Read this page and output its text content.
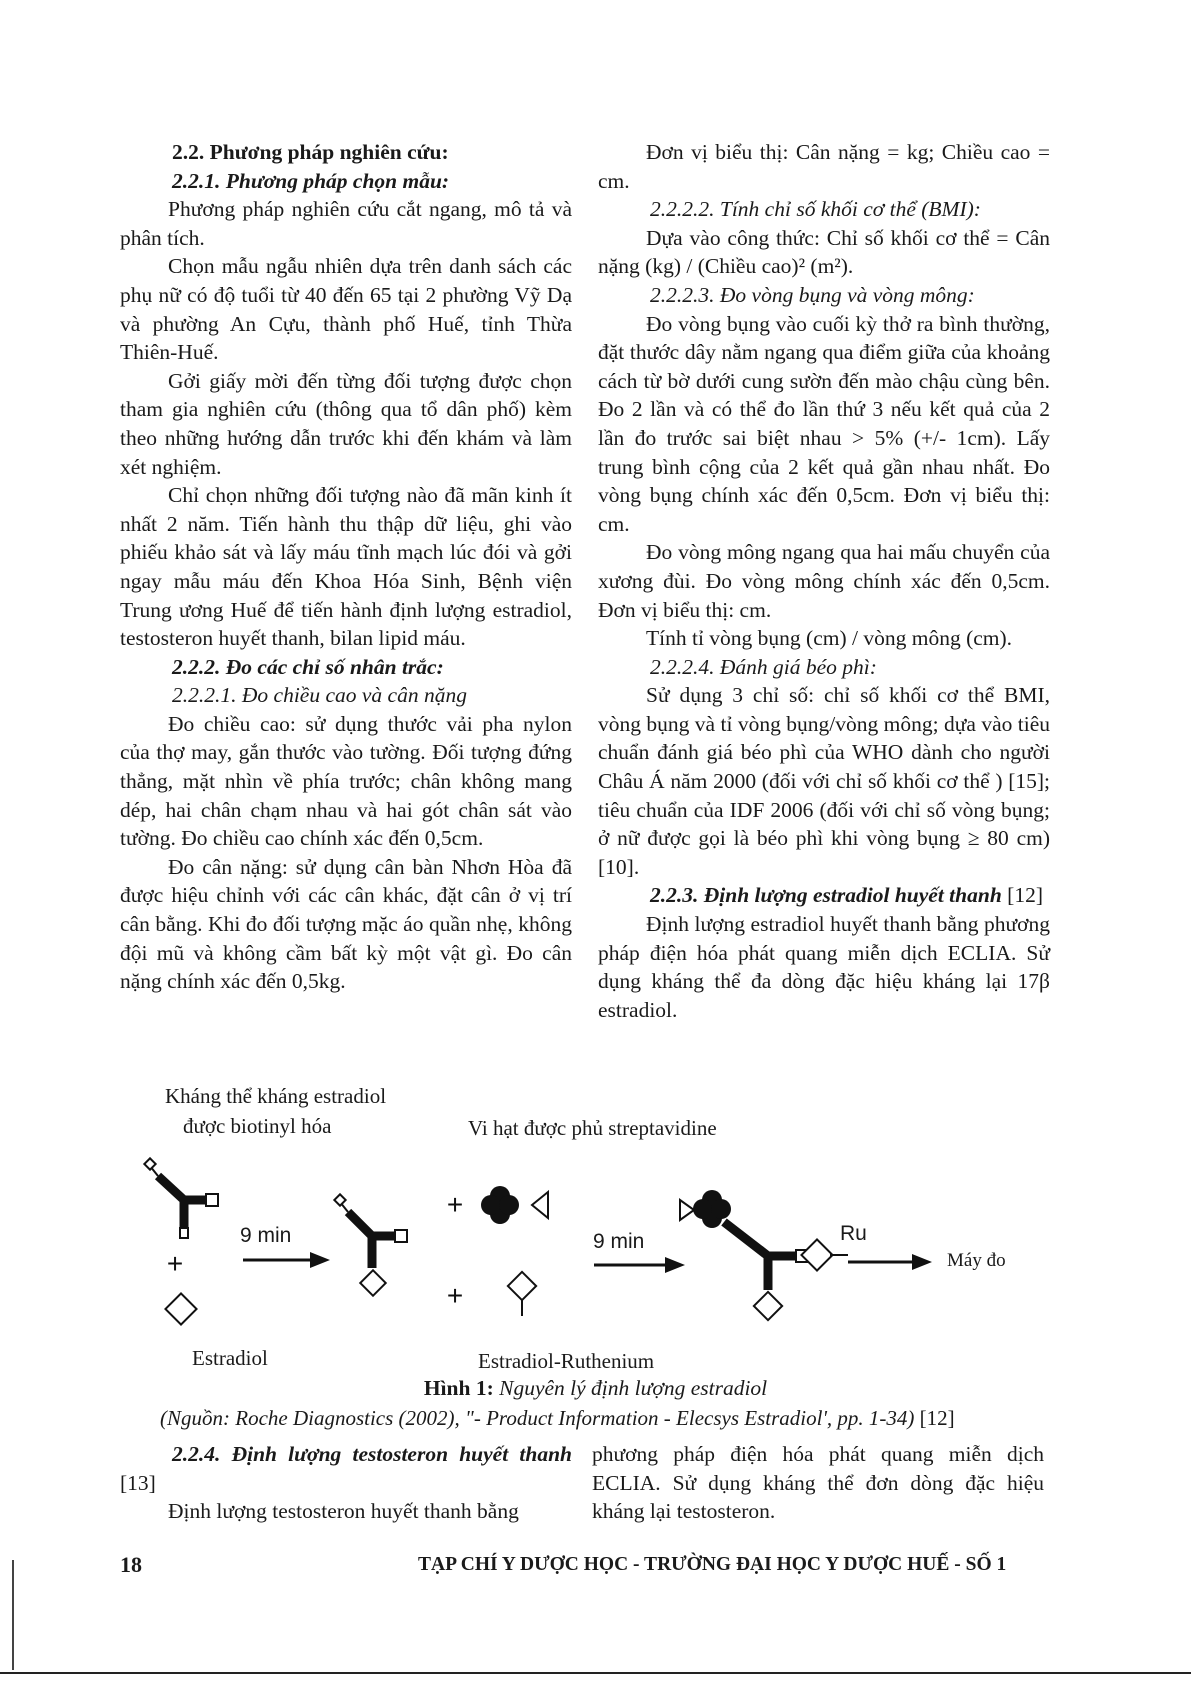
2.2. Phương pháp nghiên cứu:

2.2.1. Phương pháp chọn mẫu:

Phương pháp nghiên cứu cắt ngang, mô tả và phân tích.

Chọn mẫu ngẫu nhiên dựa trên danh sách các phụ nữ có độ tuổi từ 40 đến 65 tại 2 phường Vỹ Dạ và phường An Cựu, thành phố Huế, tỉnh Thừa Thiên-Huế.

Gởi giấy mời đến từng đối tượng được chọn tham gia nghiên cứu (thông qua tổ dân phố) kèm theo những hướng dẫn trước khi đến khám và làm xét nghiệm.

Chỉ chọn những đối tượng nào đã mãn kinh ít nhất 2 năm. Tiến hành thu thập dữ liệu, ghi vào phiếu khảo sát và lấy máu tĩnh mạch lúc đói và gởi ngay mẫu máu đến Khoa Hóa Sinh, Bệnh viện Trung ương Huế để tiến hành định lượng estradiol, testosteron huyết thanh, bilan lipid máu.

2.2.2. Đo các chỉ số nhân trắc:

2.2.2.1. Đo chiều cao và cân nặng

Đo chiều cao: sử dụng thước vải pha nylon của thợ may, gắn thước vào tường. Đối tượng đứng thẳng, mặt nhìn về phía trước; chân không mang dép, hai chân chạm nhau và hai gót chân sát vào tường. Đo chiều cao chính xác đến 0,5cm.

Đo cân nặng: sử dụng cân bàn Nhơn Hòa đã được hiệu chỉnh với các cân khác, đặt cân ở vị trí cân bằng. Khi đo đối tượng mặc áo quần nhẹ, không đội mũ và không cầm bất kỳ một vật gì. Đo cân nặng chính xác đến 0,5kg.

Đơn vị biểu thị: Cân nặng = kg; Chiều cao = cm.

2.2.2.2. Tính chỉ số khối cơ thể (BMI):

Dựa vào công thức: Chỉ số khối cơ thể = Cân nặng (kg) / (Chiều cao)² (m²).

2.2.2.3. Đo vòng bụng và vòng mông:

Đo vòng bụng vào cuối kỳ thở ra bình thường, đặt thước dây nằm ngang qua điểm giữa của khoảng cách từ bờ dưới cung sườn đến mào chậu cùng bên. Đo 2 lần và có thể đo lần thứ 3 nếu kết quả của 2 lần đo trước sai biệt nhau > 5% (+/- 1cm). Lấy trung bình cộng của 2 kết quả gần nhau nhất. Đo vòng bụng chính xác đến 0,5cm. Đơn vị biểu thị: cm.

Đo vòng mông ngang qua hai mấu chuyển của xương đùi. Đo vòng mông chính xác đến 0,5cm. Đơn vị biểu thị: cm.

Tính tỉ vòng bụng (cm) / vòng mông (cm).

2.2.2.4. Đánh giá béo phì:

Sử dụng 3 chỉ số: chỉ số khối cơ thể BMI, vòng bụng và tỉ vòng bụng/vòng mông; dựa vào tiêu chuẩn đánh giá béo phì của WHO dành cho người Châu Á năm 2000 (đối với chỉ số khối cơ thể ) [15]; tiêu chuẩn của IDF 2006 (đối với chỉ số vòng bụng; ở nữ được gọi là béo phì khi vòng bụng ≥ 80 cm) [10].

2.2.3. Định lượng estradiol huyết thanh [12]

Định lượng estradiol huyết thanh bằng phương pháp điện hóa phát quang miễn dịch ECLIA. Sử dụng kháng thể đa dòng đặc hiệu kháng lại 17β estradiol.

Kháng thể kháng estradiol
được biotinyl hóa	Vi hạt được phủ streptavidine
+
+
+
9 min	9 min	Ru
Máy đo
Estradiol	Estradiol-Ruthenium
Hình 1: Nguyên lý định lượng estradiol
(Nguồn: Roche Diagnostics (2002), "- Product Information - Elecsys Estradiol', pp. 1-34) [12]

2.2.4. Định lượng testosteron huyết thanh [13]

Định lượng testosteron huyết thanh bằng

phương pháp điện hóa phát quang miễn dịch ECLIA. Sử dụng kháng thể đơn dòng đặc hiệu kháng lại testosteron.

18	TẠP CHÍ Y DƯỢC HỌC - TRƯỜNG ĐẠI HỌC Y DƯỢC HUẾ - SỐ 1
